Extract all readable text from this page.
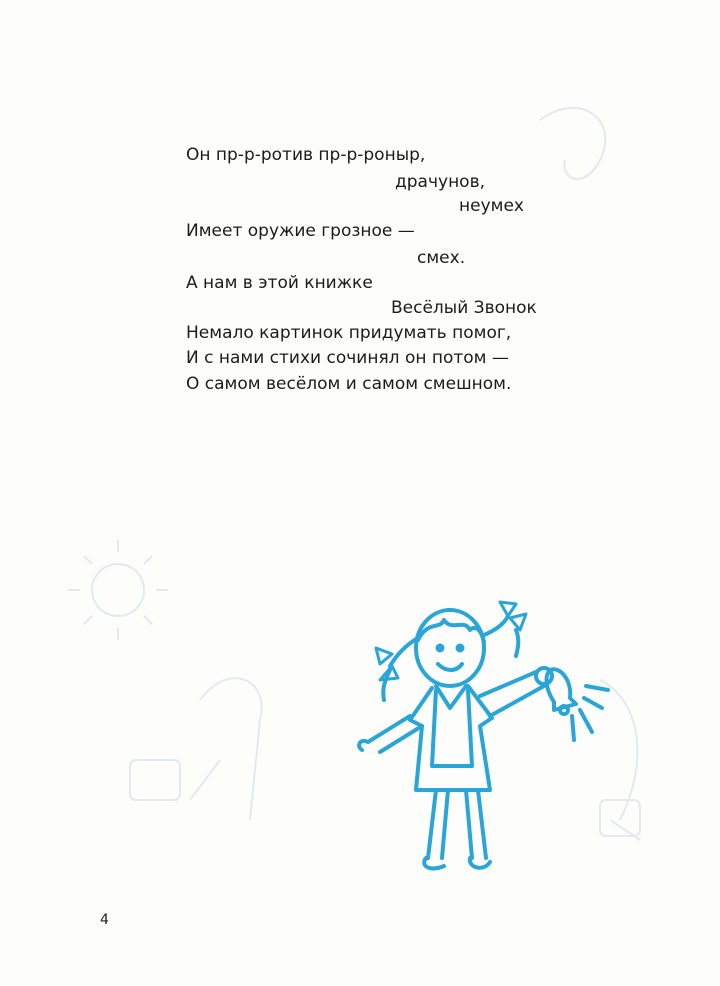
Он пр-р-ротив пр-р-роныр,
драчунов,
неумех
Имеет оружие грозное —
смех.
А нам в этой книжке
Весёлый Звонок
Немало картинок придумать помог,
И с нами стихи сочинял он потом —
О самом весёлом и самом смешном.
4
